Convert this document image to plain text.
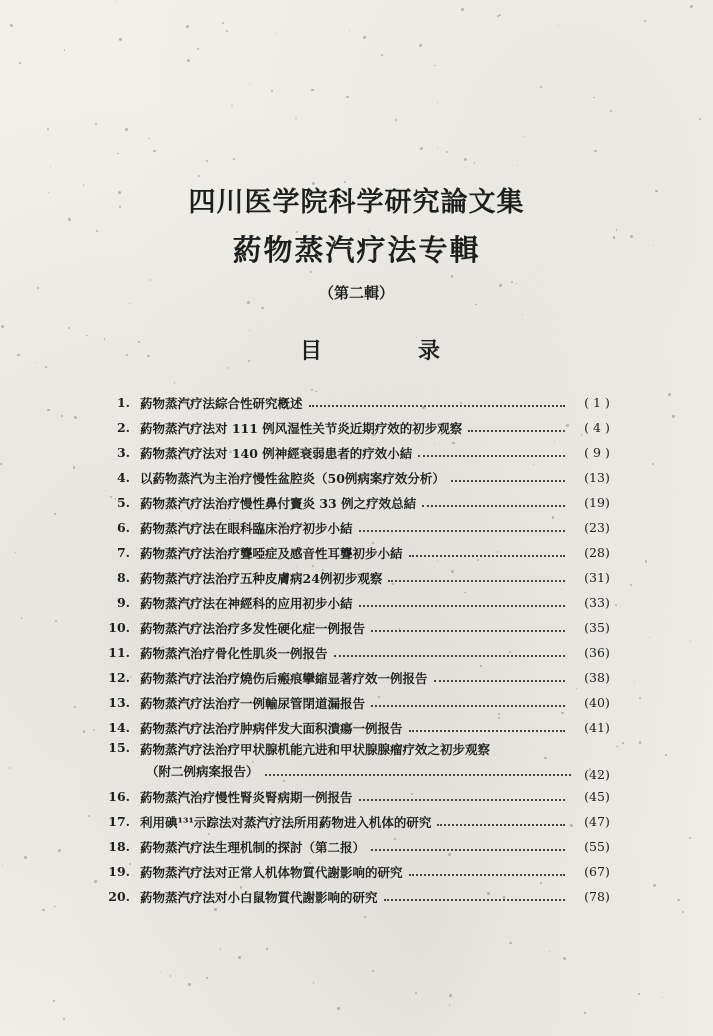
四川医学院科学研究論文集
葯物蒸汽疗法专輯
（第二輯）
目	录
1. 葯物蒸汽疗法綜合性研究槪述	( 1 )
2. 葯物蒸汽疗法对 111 例风湿性关节炎近期疗效的初步观察	( 4 )
3. 葯物蒸汽疗法对 140 例神經衰弱患者的疗效小結	( 9 )
4. 以葯物蒸汽为主治疗慢性盆腔炎（50例病案疗效分析）	(13)
5. 葯物蒸汽疗法治疗慢性鼻付竇炎 33 例之疗效总結	(19)
6. 葯物蒸汽疗法在眼科臨床治疗初步小結	(23)
7. 葯物蒸汽疗法治疗聾啞症及感音性耳聾初步小結	(28)
8. 葯物蒸汽疗法治疗五种皮膚病24例初步观察	(31)
9. 葯物蒸汽疗法在神經科的应用初步小結	(33)
10. 葯物蒸汽疗法治疗多发性硬化症一例报告	(35)
11. 葯物蒸汽治疗骨化性肌炎一例报告	(36)
12. 葯物蒸汽疗法治疗燒伤后瘢痕攣縮显著疗效一例报告	(38)
13. 葯物蒸汽疗法治疗一例輸尿管閉道漏报告	(40)
14. 葯物蒸汽疗法治疗肿病伴发大面积潰瘍一例报告	(41)
15. 葯物蒸汽疗法治疗甲状腺机能亢进和甲状腺腺瘤疗效之初步观察
（附二例病案报告）	(42)
16. 葯物蒸汽治疗慢性腎炎腎病期一例报告	(45)
17. 利用碘¹³¹示踪法对蒸汽疗法所用葯物进入机体的研究	(47)
18. 葯物蒸汽疗法生理机制的探討（第二报）	(55)
19. 葯物蒸汽疗法对正常人机体物質代謝影响的研究	(67)
20. 葯物蒸汽疗法对小白鼠物質代謝影响的研究	(78)
